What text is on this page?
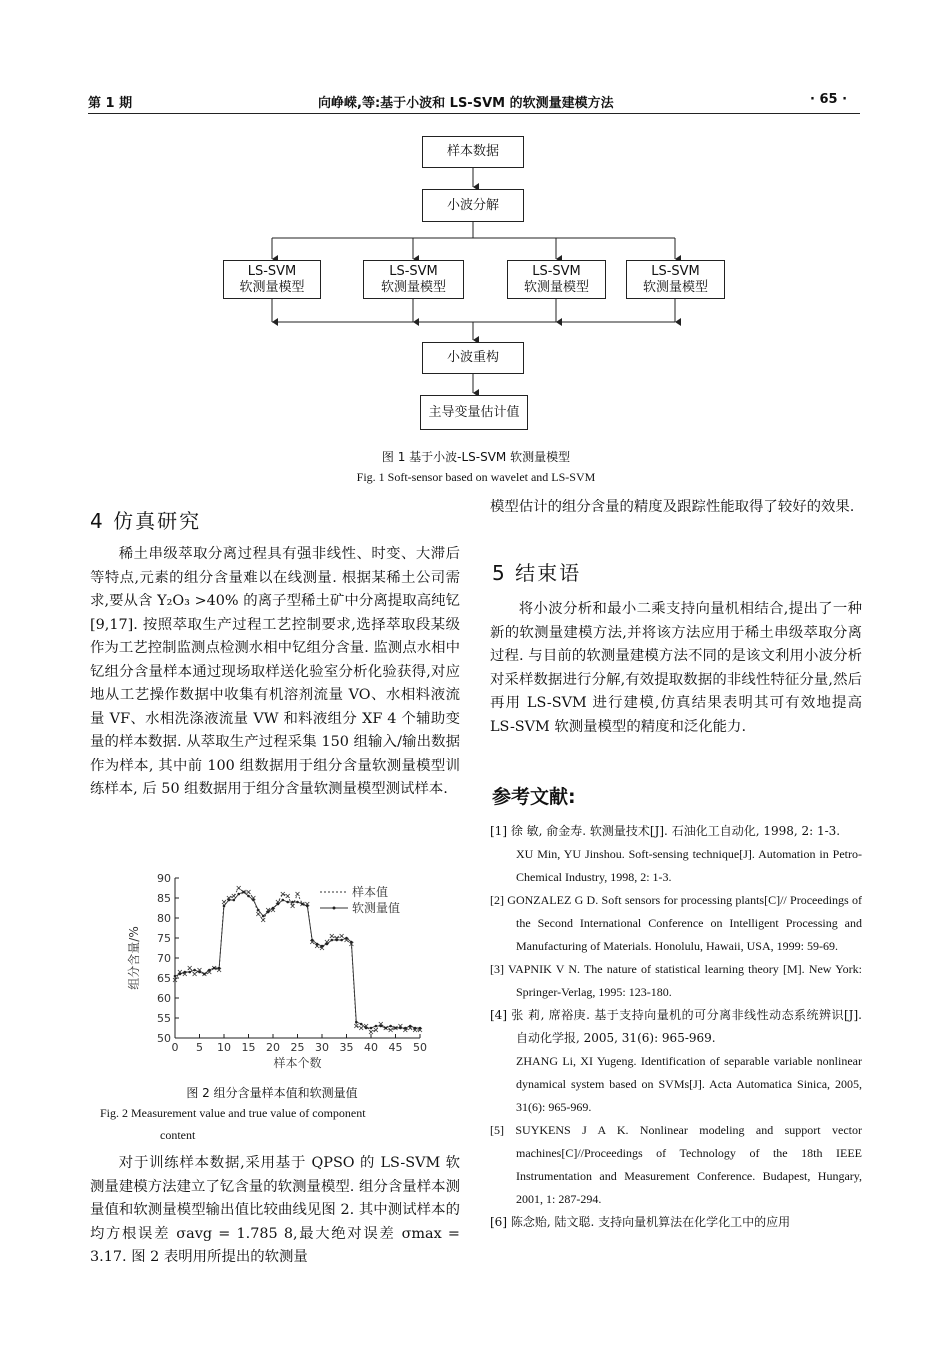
第 1 期	向峥嵘,等:基于小波和 LS-SVM 的软测量建模方法	· 65 ·
样本数据
小波分解
LS-SVM
软测量模型
LS-SVM
软测量模型
LS-SVM
软测量模型
LS-SVM
软测量模型
小波重构
主导变量估计值
图 1 基于小波-LS-SVM 软测量模型
Fig. 1 Soft-sensor based on wavelet and LS-SVM
4 仿真研究

稀土串级萃取分离过程具有强非线性、时变、大滞后等特点,元素的组分含量难以在线测量. 根据某稀土公司需求,要从含 Y₂O₃ >40% 的离子型稀土矿中分离提取高纯钇[9,17]. 按照萃取生产过程工艺控制要求,选择萃取段某级作为工艺控制监测点检测水相中钇组分含量. 监测点水相中钇组分含量样本通过现场取样送化验室分析化验获得,对应地从工艺操作数据中收集有机溶剂流量 VO、水相料液流量 VF、水相洗涤液流量 VW 和料液组分 XF 4 个辅助变量的样本数据. 从萃取生产过程采集 150 组输入/输出数据作为样本, 其中前 100 组数据用于组分含量软测量模型训练样本, 后 50 组数据用于组分含量软测量模型测试样本.

50
55
60
65
70
75
80
85
90
0 5 10 15 20 25 30 35 40 45 50
样本个数
组分含量/%
样本值
软测量值
图 2 组分含量样本值和软测量值
Fig. 2 Measurement value and true value of component
content

对于训练样本数据,采用基于 QPSO 的 LS-SVM 软测量建模方法建立了钇含量的软测量模型. 组分含量样本测量值和软测量模型输出值比较曲线见图 2. 其中测试样本的均方根误差 σavg = 1.785 8,最大绝对误差 σmax = 3.17. 图 2 表明用所提出的软测量

模型估计的组分含量的精度及跟踪性能取得了较好的效果.

5 结束语

将小波分析和最小二乘支持向量机相结合,提出了一种新的软测量建模方法,并将该方法应用于稀土串级萃取分离过程. 与目前的软测量建模方法不同的是该文利用小波分析对采样数据进行分解,有效提取数据的非线性特征分量,然后再用 LS-SVM 进行建模,仿真结果表明其可有效地提高 LS-SVM 软测量模型的精度和泛化能力.

参考文献:

[1] 徐 敏, 俞金寿. 软测量技术[J]. 石油化工自动化, 1998, 2: 1-3.

XU Min, YU Jinshou. Soft-sensing technique[J]. Automation in Petro-Chemical Industry, 1998, 2: 1-3.

[2] GONZALEZ G D. Soft sensors for processing plants[C]// Proceedings of the Second International Conference on Intelligent Processing and Manufacturing of Materials. Honolulu, Hawaii, USA, 1999: 59-69.

[3] VAPNIK V N. The nature of statistical learning theory [M]. New York: Springer-Verlag, 1995: 123-180.

[4] 张 莉, 席裕庚. 基于支持向量机的可分离非线性动态系统辨识[J]. 自动化学报, 2005, 31(6): 965-969.

ZHANG Li, XI Yugeng. Identification of separable variable nonlinear dynamical system based on SVMs[J]. Acta Automatica Sinica, 2005, 31(6): 965-969.

[5] SUYKENS J A K. Nonlinear modeling and support vector machines[C]//Proceedings of Technology of the 18th IEEE Instrumentation and Measurement Conference. Budapest, Hungary, 2001, 1: 287-294.

[6] 陈念贻, 陆文聪. 支持向量机算法在化学化工中的应用
